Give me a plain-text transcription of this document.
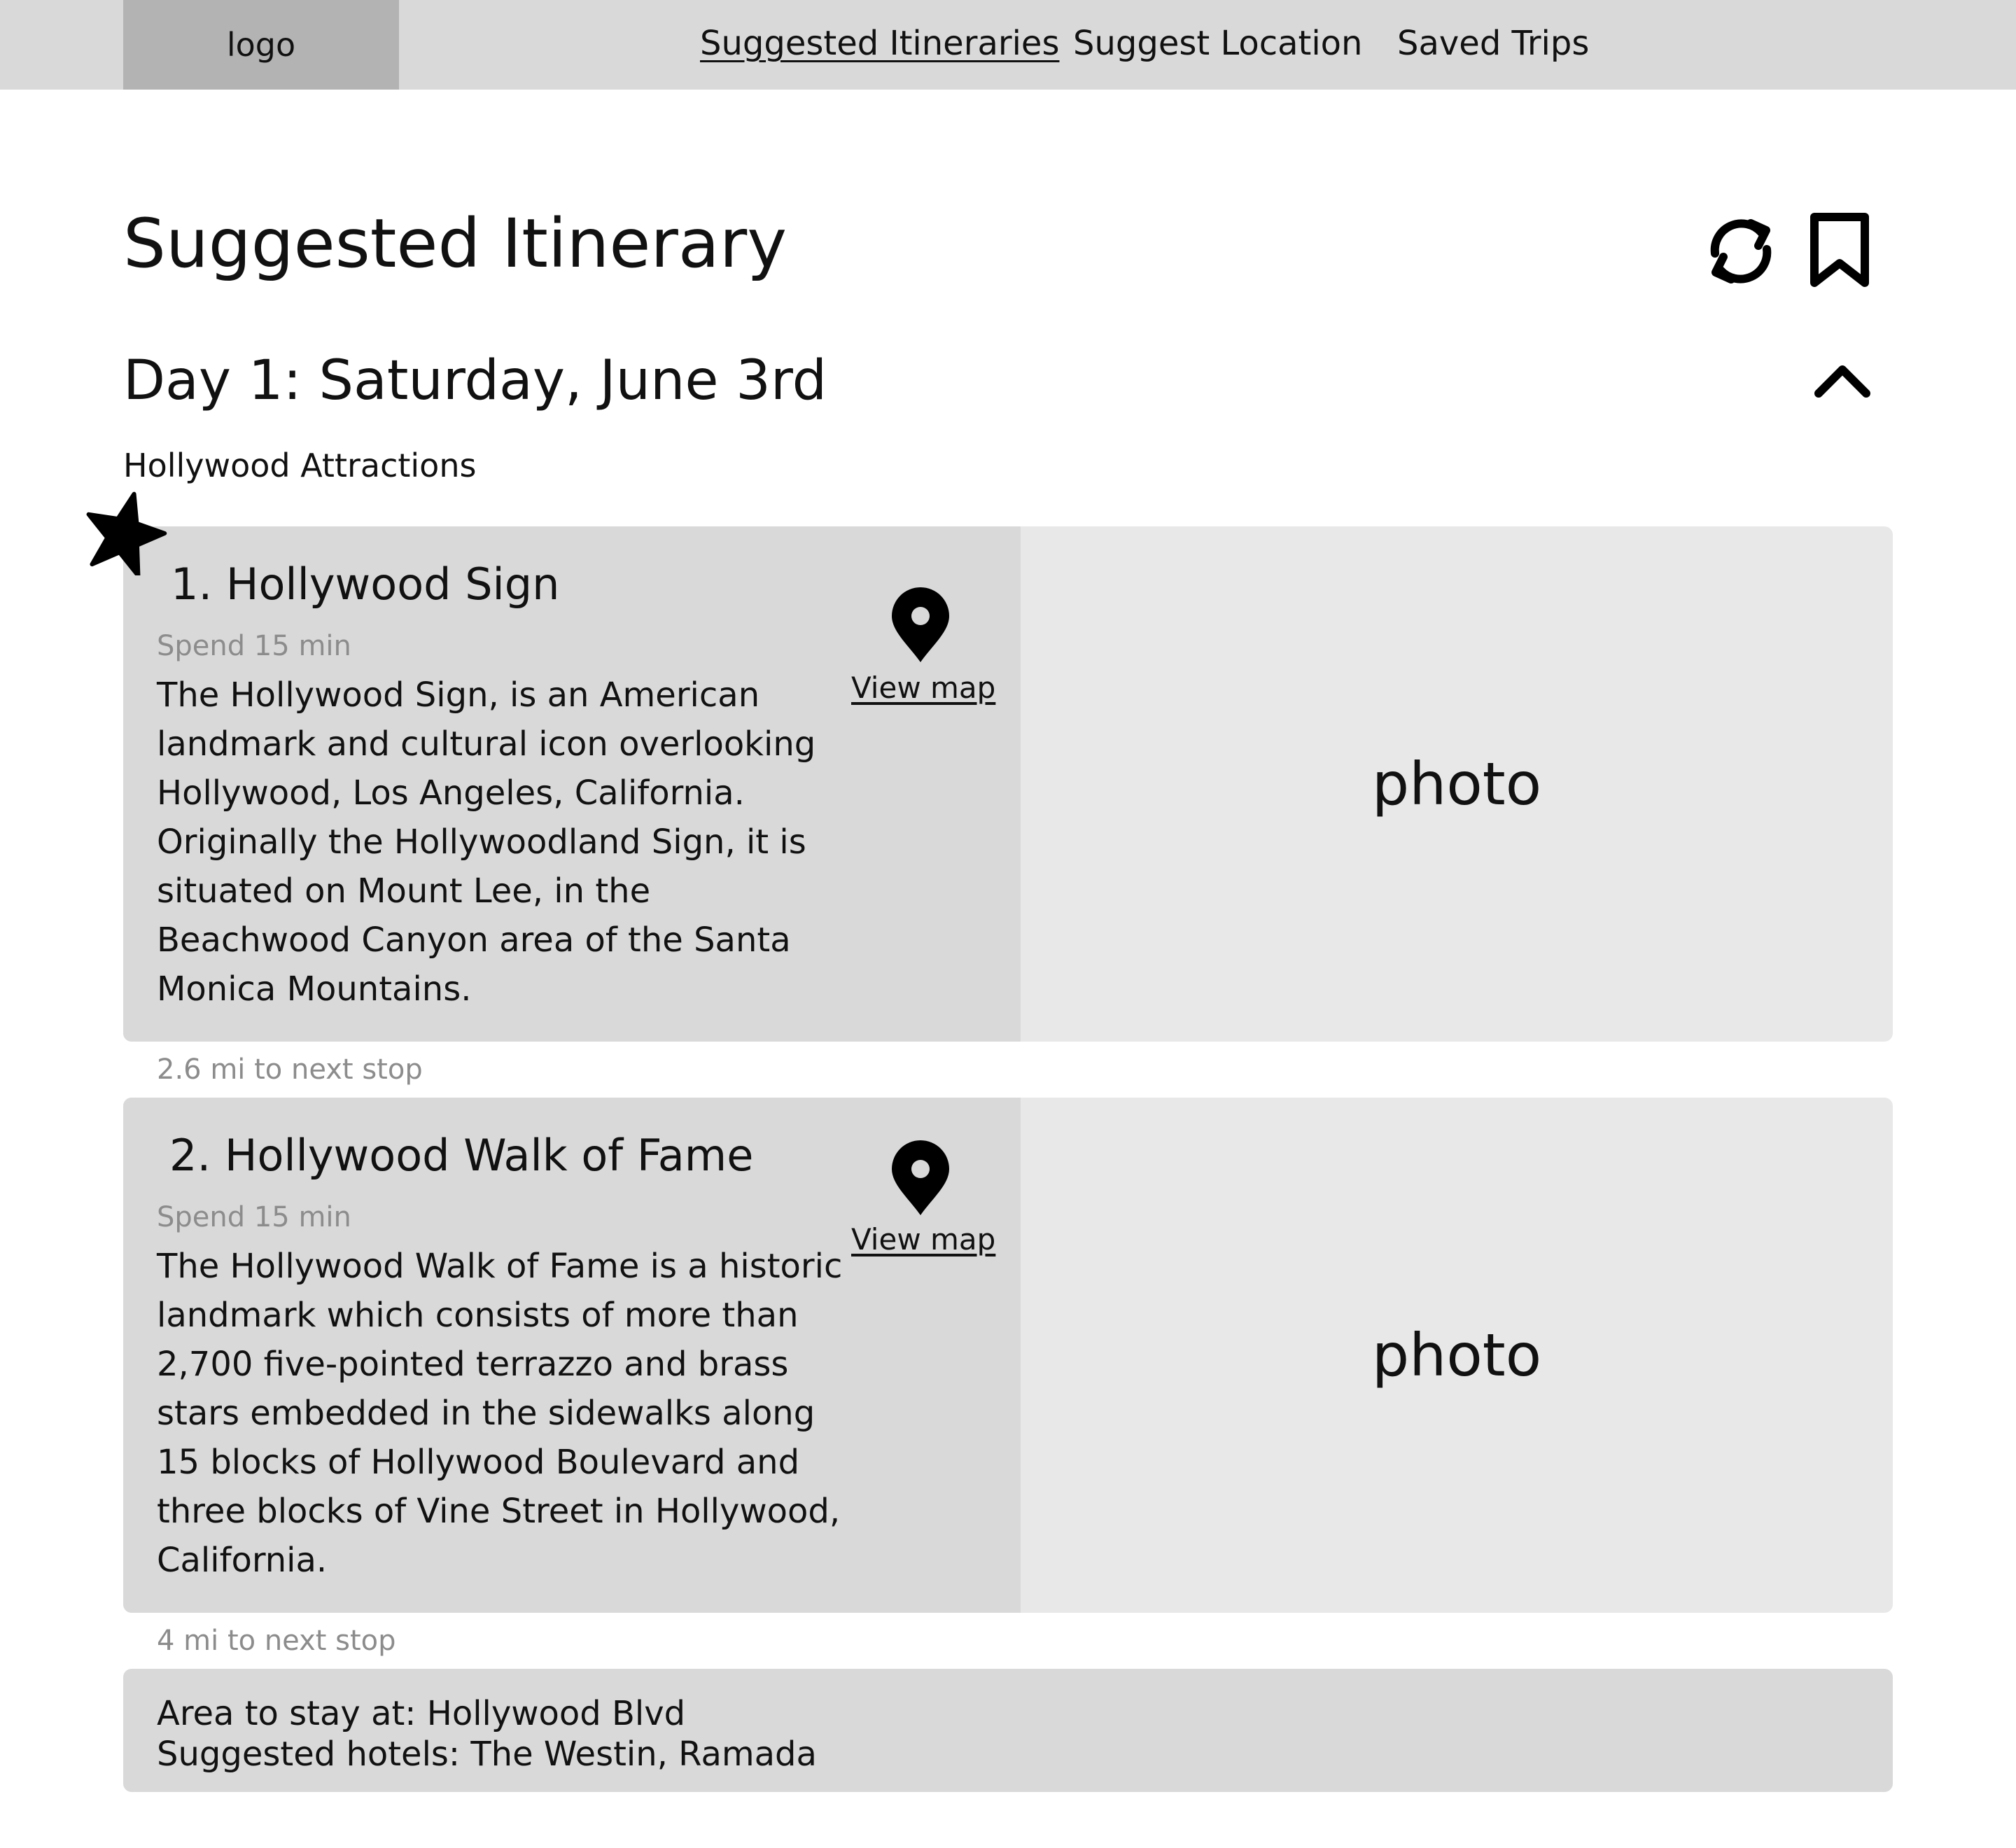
logo	Suggested Itineraries Suggest Location Saved Trips
Suggested Itinerary
Day 1: Saturday, June 3rd
Hollywood Attractions
1. Hollywood Sign
Spend 15 min
The Hollywood Sign, is an American landmark and cultural icon overlooking Hollywood, Los Angeles, California. Originally the Hollywoodland Sign, it is situated on Mount Lee, in the Beachwood Canyon area of the Santa Monica Mountains.
View map
photo
2.6 mi to next stop
2. Hollywood Walk of Fame
Spend 15 min
The Hollywood Walk of Fame is a historic landmark which consists of more than 2,700 five-pointed terrazzo and brass stars embedded in the sidewalks along 15 blocks of Hollywood Boulevard and three blocks of Vine Street in Hollywood, California.
View map
photo
4 mi to next stop
Area to stay at: Hollywood Blvd
Suggested hotels: The Westin, Ramada
